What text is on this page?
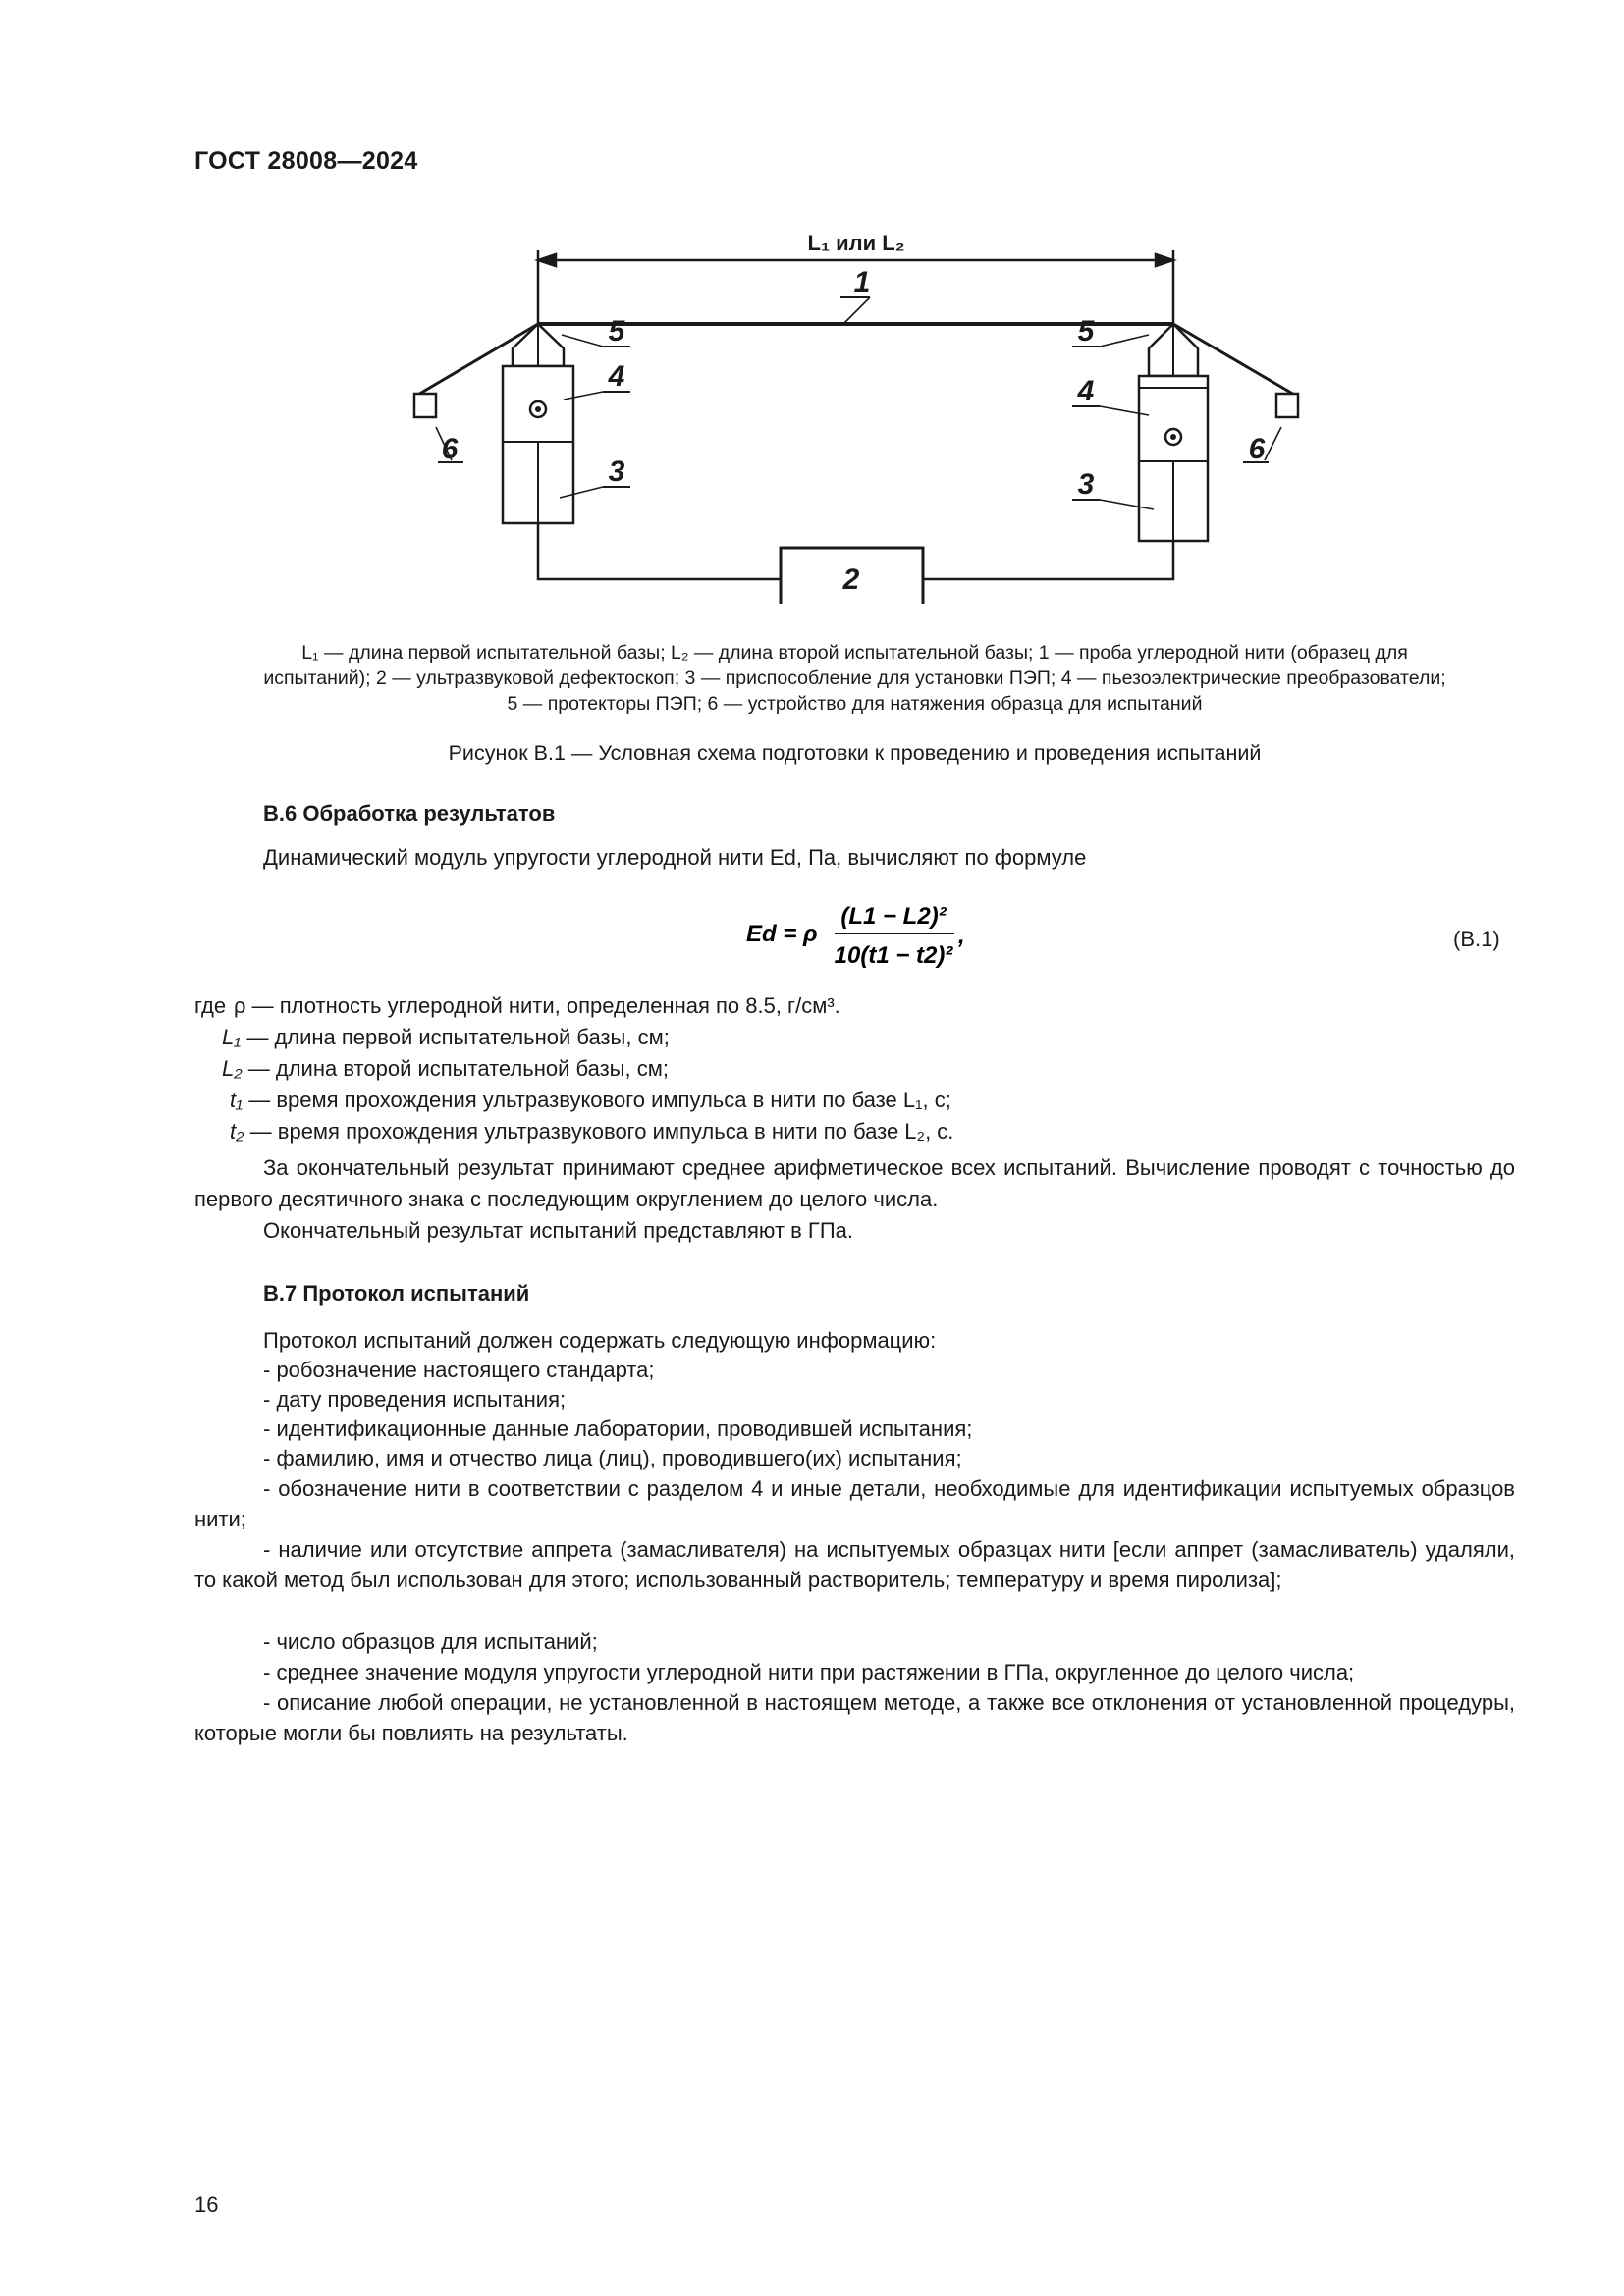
ГОСТ 28008—2024
L₁ или L₂
1
6
5
4
3
6
5
4
3
2
L₁ — длина первой испытательной базы; L₂ — длина второй испытательной базы; 1 — проба углеродной нити (образец для
испытаний); 2 — ультразвуковой дефектоскоп; 3 — приспособление для установки ПЭП; 4 — пьезоэлектрические преобразователи;
5 — протекторы ПЭП; 6 — устройство для натяжения образца для испытаний
Рисунок В.1 — Условная схема подготовки к проведению и проведения испытаний
В.6 Обработка результатов
Динамический модуль упругости углеродной нити Ed, Па, вычисляют по формуле
Ed = ρ
(L1 − L2)²
10(t1 − t2)²
,	(В.1)
где ρ — плотность углеродной нити, определенная по 8.5, г/см³.
L₁ — длина первой испытательной базы, см;
L₂ — длина второй испытательной базы, см;
t₁ — время прохождения ультразвукового импульса в нити по базе L₁, с;
t₂ — время прохождения ультразвукового импульса в нити по базе L₂, с.
За окончательный результат принимают среднее арифметическое всех испытаний. Вычисление проводят с точностью до первого десятичного знака с последующим округлением до целого числа.
Окончательный результат испытаний представляют в ГПа.
В.7 Протокол испытаний
Протокол испытаний должен содержать следующую информацию:
- робозначение настоящего стандарта;
- дату проведения испытания;
- идентификационные данные лаборатории, проводившей испытания;
- фамилию, имя и отчество лица (лиц), проводившего(их) испытания;
- обозначение нити в соответствии с разделом 4 и иные детали, необходимые для идентификации испытуемых образцов нити;
- наличие или отсутствие аппрета (замасливателя) на испытуемых образцах нити [если аппрет (замасливатель) удаляли, то какой метод был использован для этого; использованный растворитель; температуру и время пиролиза];
- число образцов для испытаний;
- среднее значение модуля упругости углеродной нити при растяжении в ГПа, округленное до целого числа;
- описание любой операции, не установленной в настоящем методе, а также все отклонения от установленной процедуры, которые могли бы повлиять на результаты.
16
